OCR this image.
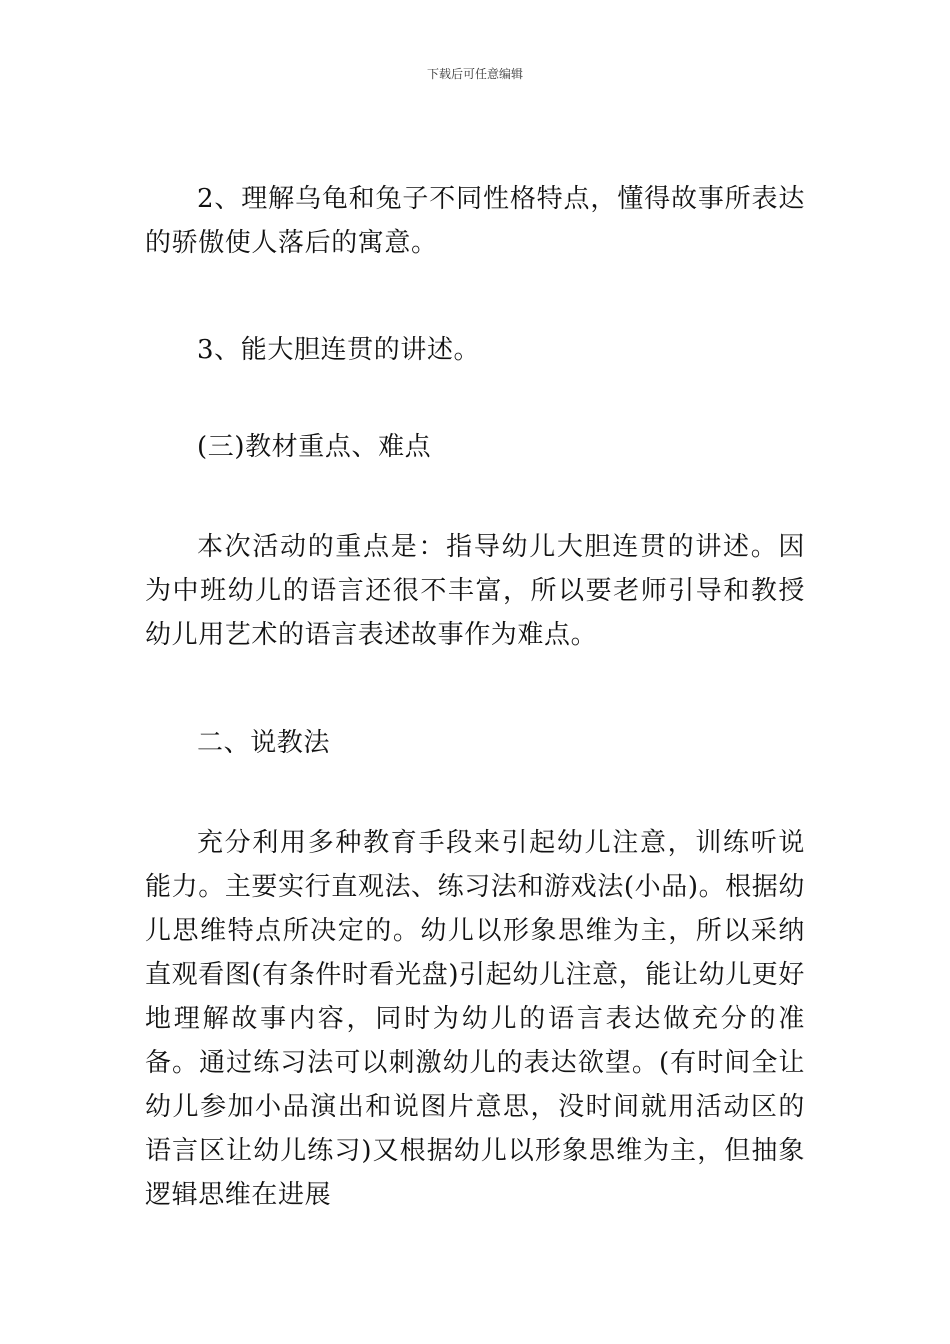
下载后可任意编辑

2、理解乌龟和兔子不同性格特点，懂得故事所表达的骄傲使人落后的寓意。

3、能大胆连贯的讲述。

(三)教材重点、难点

本次活动的重点是：指导幼儿大胆连贯的讲述。因为中班幼儿的语言还很不丰富，所以要老师引导和教授幼儿用艺术的语言表述故事作为难点。

二、说教法

充分利用多种教育手段来引起幼儿注意，训练听说能力。主要实行直观法、练习法和游戏法(小品)。根据幼儿思维特点所决定的。幼儿以形象思维为主，所以采纳直观看图(有条件时看光盘)引起幼儿注意，能让幼儿更好地理解故事内容，同时为幼儿的语言表达做充分的准备。通过练习法可以刺激幼儿的表达欲望。(有时间全让幼儿参加小品演出和说图片意思，没时间就用活动区的语言区让幼儿练习)又根据幼儿以形象思维为主，但抽象逻辑思维在进展
